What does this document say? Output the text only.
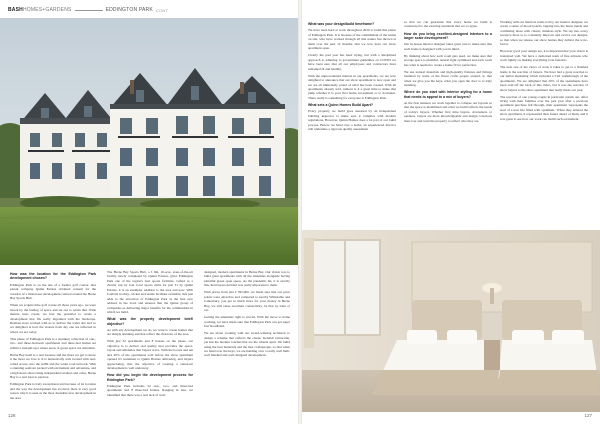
BASHHOMES+GARDENS	EDDINGTON PARK CONT.
How was the location for the Eddington Park development chosen?

Eddington Park is on the site of a former golf course. Our parent company Quinn Estates obtained consent for the creation of a mixed-use development centred around the Herne Bay Sports Hub.

When we acquired the golf course all those years ago, we were struck by the feeling of space and set out to retain that. Wide mature trees create, we had the potential to create a development that fits really ingrained with the landscape. Realises have worked with us to deliver the wider site and so we delighted at how the visions from day one are reflected in where we are today.

This phase of Eddington Park is a stunning collection of one-, two- and three-bedroom apartments and three-bed homes set within a tranquil spot where areas of green space are abundant.

Herne Bay itself is a real treasure and the more we get to know it the more we love it. It is fantastically well located with real-rolled access onto the A299 and the wider road network. With a stunning seafront packed with excitement and adventure, and a high street showcasing independent retailers and cafes, Herne Bay is a real treat to explore.

Eddington Park is truly exceptional and because of its location and the way the development has evolved, there is very good reason why it is seen as the most desirable new development in the area.

The Herne Bay Sports Hub, a £ 9m, 16-acre, state-of-the-art facility newly completed by Quinn Estates, gives Eddington Park one of the region's best sports facilities. Gifted as a charity run by four local sports clubs for just £1 by Quinn Estates, it is an exemplar addition to the area and now. With football, hockey, cricket and tennis facilities available, this just adds to the attraction of Eddington Park as the best new address in the town and ensures that the Quinn group of companies as delivering major benefits for the communities in which we build.

What was the property development brief/ objective?

As with any development we do, we want to create homes that are simply stunning and that reflect the character of the area.

With just 32 apartments and 8 houses on the phase, our objective is to deliver real quality that provides the space, layout and amenities that buyers crave. With the boosts and am and 20% of the apartments sold before the show apartment opened it's testament to Quinn Homes delivering, and buyers appreciating, that the objective of creating a stand-out development is well underway.

How did you begin the development process for Eddington Park?

Eddington Park includes 32 one-, two- and three-bed apartments and 8 three-bed homes. Ranging in size, we identified that there was a real lack of well-

designed, modern apartments in Herne Bay. Our vision was to build great apartments with all the amenities alongside having plentiful green open space. As the pandemic hit, it is exactly this, that buyers decided was really important to them.

With prices from just £ 395,000, we made sure that our price points were attractive and compared to nearby Whitstable and Canterbury, you get so much more for your money in Herne Bay, we still value excellent connectivity, be that by train or car.

Getting the amenities right is crucial. With the move to home working, we have made sure that Eddington Park can get super fast broadband.

We are about working with our award-winning architects to design a scheme that reflects the classic Kentish vernacular, yet has the modern touches that are the wheels apart. We build using the best materials and the best craftspeople, so that when we hand over the keys, we are handing over a really well built, well finished and well-designed development.

What was your design/build timeframe?

We have been hard at work throughout 2020 to build this phase of Eddington Park. It is because of the commitment of the teams on site, who have worked through all that nature has thrown at them over the past 12 months, that we now have our show apartment open.

Clearly the past year has been trying, but with a disciplined approach to adhering to government guidelines on COVID we have been sure that all our employees and contractors have remained fit and healthy.

With the unprecedented interest in our apartments, we are now delighted to announce that our show apartment is now open and we are all immensely proud of what has been created. With 20 apartments already sold, rumour is it a great time to make that jump whether it is your first home, investment or to downsize. There really is something for everyone at Eddington Park.

What sets a Quinn Homes Build Apart?

Every property we build goes assessed by an independent building inspector to make sure it complies with modern regulations. However, Quinn Homes does a lot part of our build process. Before we hand over a home, an experienced director will undertake a rigorous quality assessment

so that we can guarantee that every home we build is constructed to the exacting standards that we so agree.

How do you bring excellent-designed interiors to a larger scale development?

Our in-house interior designer takes great care to make sure that each home is designed with you in mind.

By thinking about how each room gets used, we make sure that storage space is plentiful, natural light optimised and each room has what is needed to create a home fit for perfection.

We use natural materials and high-quality fixtures and fittings installed by some of the finest crafts people around, so that when we give you the keys, what you open the door to is truly stunning.

Where do you start with interior styling for a home that needs to appeal to a mix of buyers?

At the first instance we work together to collapse our layouts so that the space is maximised and what we build reflects the needs of today's buyers. Whether first time buyers, downsizers or upsizers, buyers are more knowledgeable and design conscious than ever and want the property to reflect who they are.

Working with our interiors team, led by our interior designer, we create a sense of mood boards, tapping into the latest trends and combining those with classic, timeless style. We tap into every resource there is to constantly improve and evolve our designs, so that when we release our show homes they deliver the wow-factor.

However good your design are, it is important that your vision is translated well. We have a dedicated team of fine artisans who work tightly on making everything look fantastic.

The next one of the views of work it takes to get to a finished home is the reaction of buyers. We have had a great reaction to our initial marketing which included a CGI walkthrough of the apartments. We are delighted that 20% of the apartments have been sold off the back of this video, but it was the reaction of show buyers to the show apartment that really made our year.

The reaction of one young couple in particular stands out. After living with their families over the past year after a previous apartment purchase fell through, their apartment 'represents the start of a new life filled with optimism.' When they entered the show apartment, it represented their future ahead of them, and it was great to see how our work can instill such excitement.

126	127
